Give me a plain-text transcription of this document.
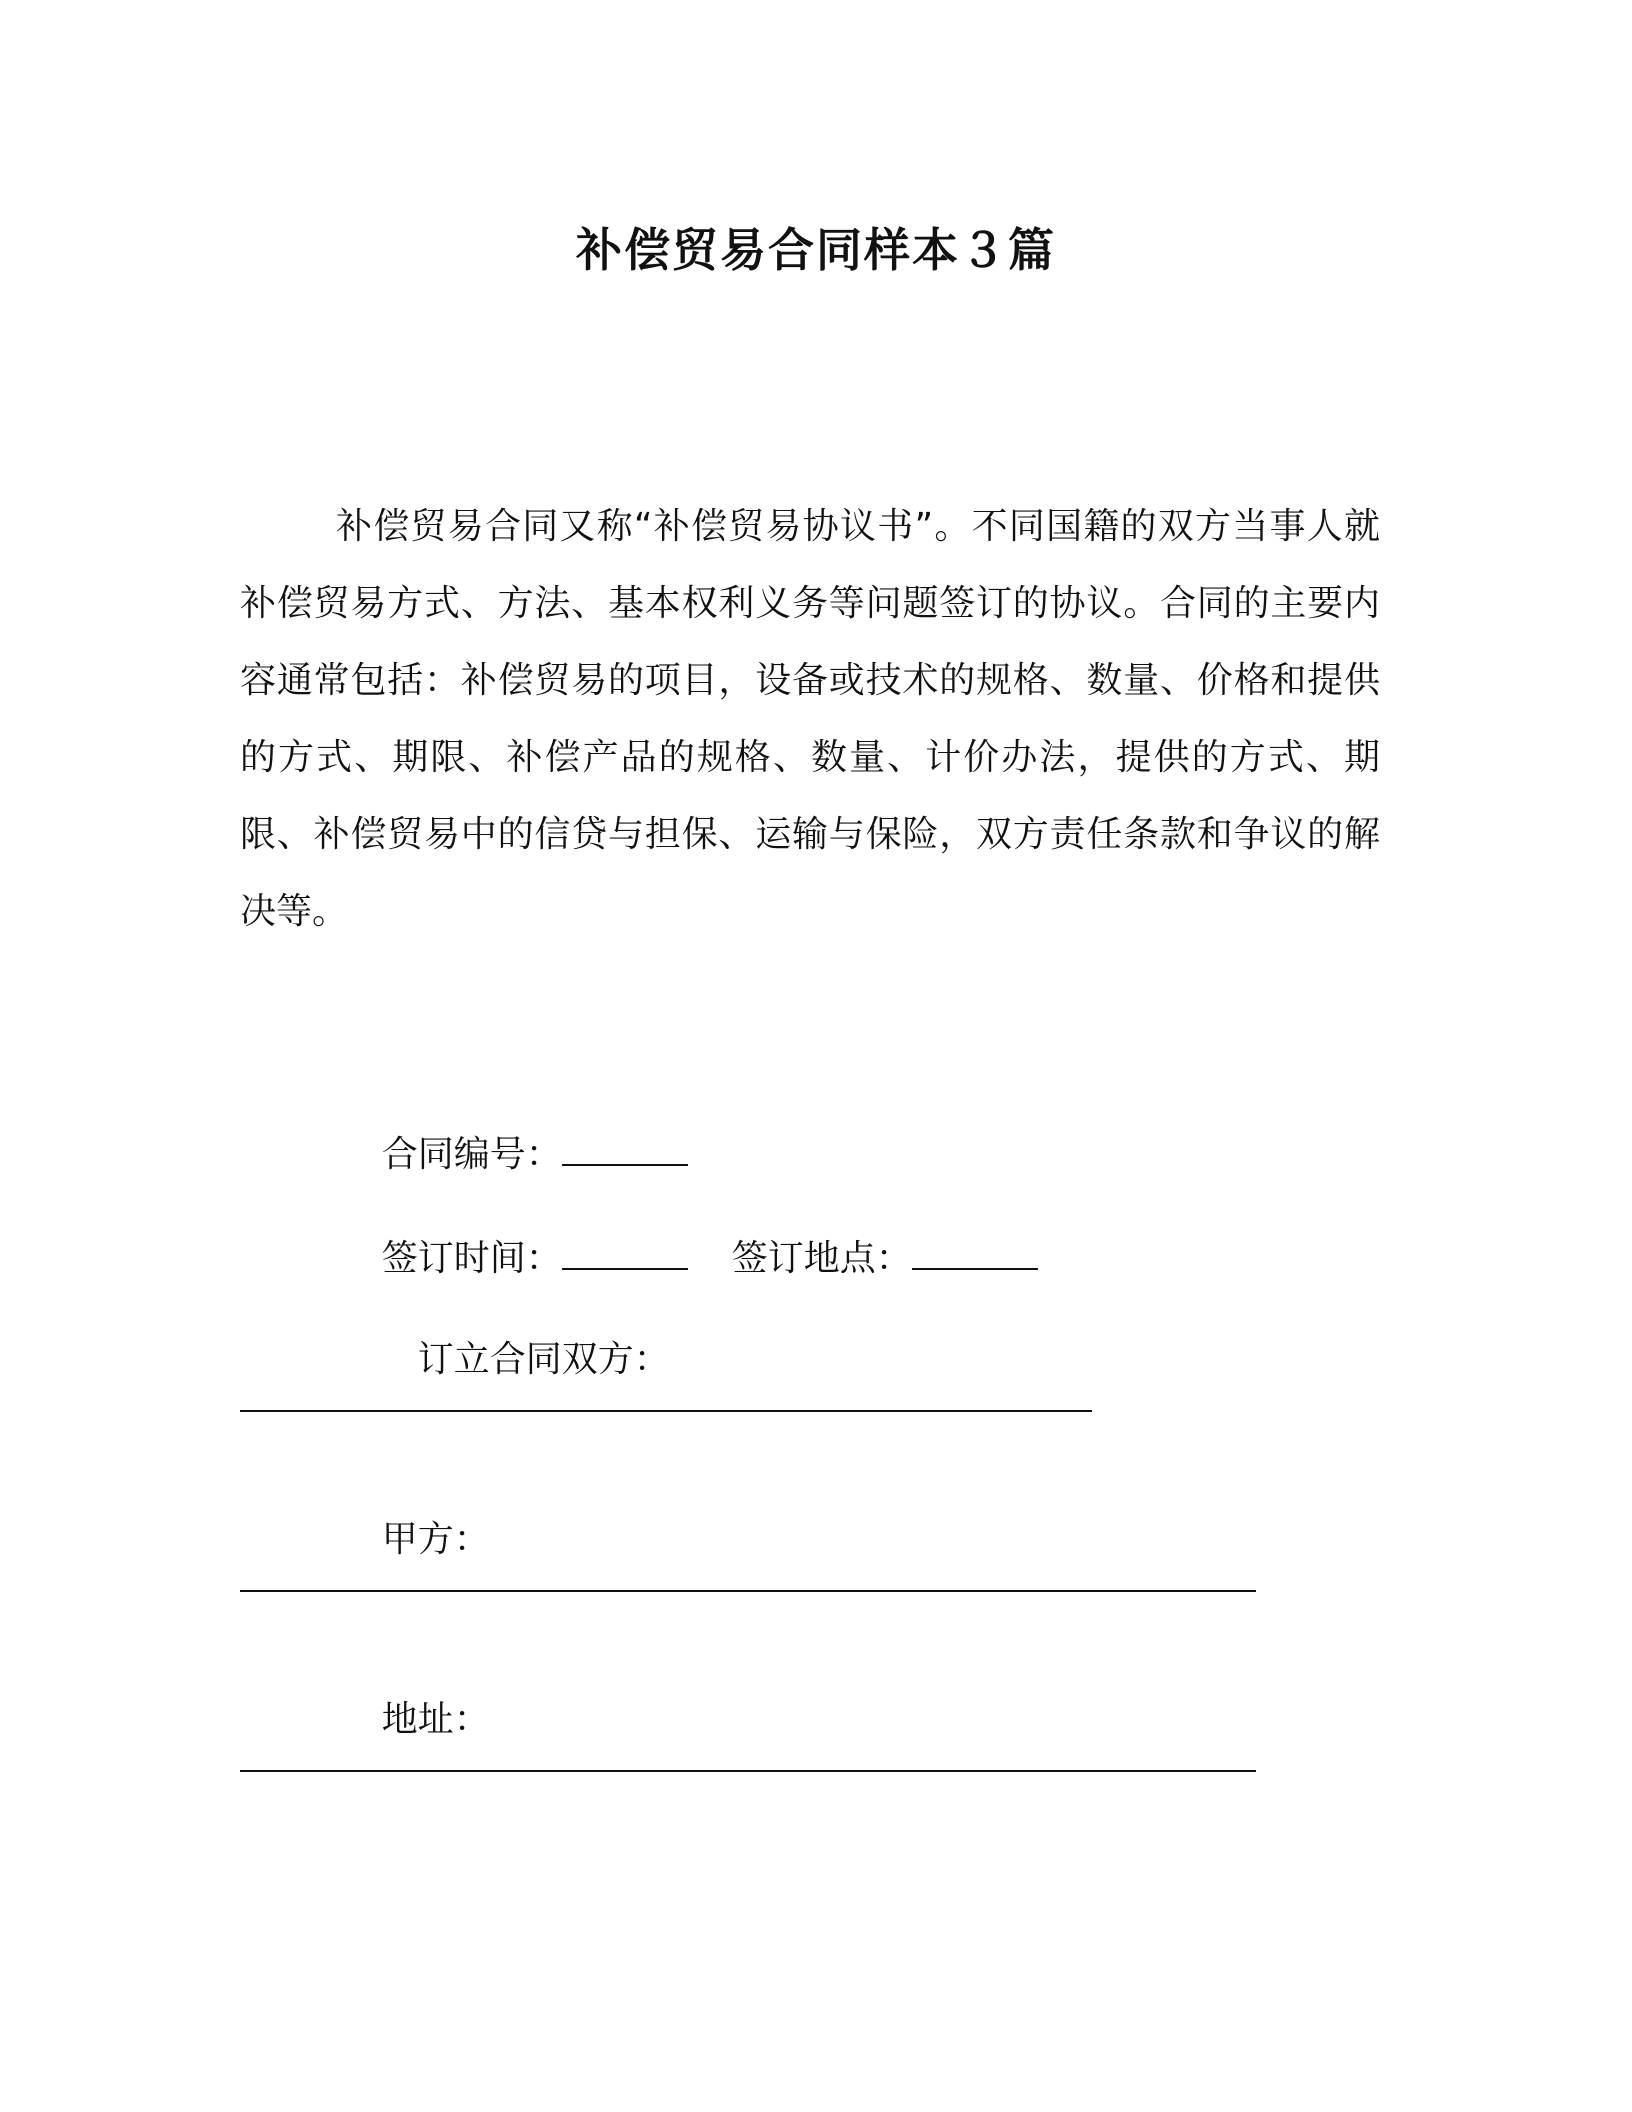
补偿贸易合同样本３篇

补偿贸易合同又称“补偿贸易协议书”。不同国籍的双方当事人就补偿贸易方式、方法、基本权利义务等问题签订的协议。合同的主要内容通常包括：补偿贸易的项目，设备或技术的规格、数量、价格和提供的方式、期限、补偿产品的规格、数量、计价办法，提供的方式、期限、补偿贸易中的信贷与担保、运输与保险，双方责任条款和争议的解决等。

合同编号：

签订时间：	签订地点：

订立合同双方：

甲方：

地址：
